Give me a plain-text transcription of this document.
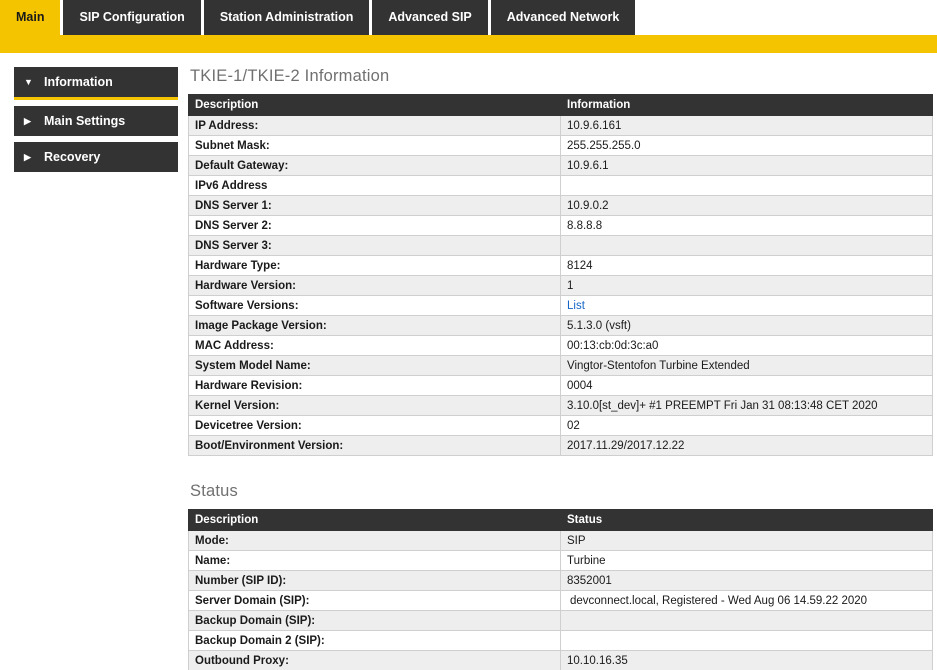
Main	SIP Configuration	Station Administration	Advanced SIP	Advanced Network
▼ Information
▶	Main Settings
▶	Recovery
TKIE-1/TKIE-2 Information
Description	Information
IP Address:	10.9.6.161
Subnet Mask:	255.255.255.0
Default Gateway:	10.9.6.1
IPv6 Address	
DNS Server 1:	10.9.0.2
DNS Server 2:	8.8.8.8
DNS Server 3:	
Hardware Type:	8124
Hardware Version:	1
Software Versions:	List
Image Package Version:	5.1.3.0 (vsft)
MAC Address:	00:13:cb:0d:3c:a0
System Model Name:	Vingtor-Stentofon Turbine Extended
Hardware Revision:	0004
Kernel Version:	3.10.0[st_dev]+ #1 PREEMPT Fri Jan 31 08:13:48 CET 2020
Devicetree Version:	02
Boot/Environment Version:	2017.11.29/2017.12.22
Status
Description	Status
Mode:	SIP
Name:	Turbine
Number (SIP ID):	8352001
Server Domain (SIP):	devconnect.local, Registered - Wed Aug 06 14.59.22 2020
Backup Domain (SIP):	
Backup Domain 2 (SIP):	
Outbound Proxy:	10.10.16.35
